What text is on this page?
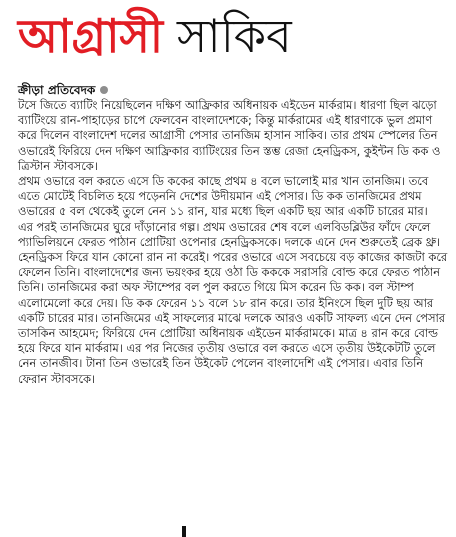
আগ্রাসী সাকিব
ক্রীড়া প্রতিবেদক

টসে জিতে ব্যাটিং নিয়েছিলেন দক্ষিণ আফ্রিকার অধিনায়ক এইডেন মার্করাম। ধারণা ছিল ঝড়ো ব্যাটিংয়ে রান-পাহাড়ের চাপে ফেলবেন বাংলাদেশকে; কিন্তু মার্করামের এই ধারণাকে ভুল প্রমাণ করে দিলেন বাংলাদেশ দলের আগ্রাসী পেসার তানজিম হাসান সাকিব। তার প্রথম স্পেলের তিন ওভারেই ফিরিয়ে দেন দক্ষিণ আফ্রিকার ব্যাটিংয়ের তিন স্তম্ভ রেজা হেনড্রিকস, কুইন্টন ডি কক ও ত্রিস্টান স্টাবসকে।

প্রথম ওভারে বল করতে এসে ডি ককের কাছে প্রথম ৪ বলে ভালোই মার খান তানজিম। তবে এতে মোটেই বিচলিত হয়ে পড়েননি দেশের উদীয়মান এই পেসার। ডি কক তানজিমের প্রথম ওভারের ৫ বল থেকেই তুলে নেন ১১ রান, যার মধ্যে ছিল একটি ছয় আর একটি চারের মার।

এর পরই তানজিমের ঘুরে দাঁড়ানোর গল্প। প্রথম ওভারের শেষ বলে এলবিডব্লিউর ফাঁদে ফেলে প্যাভিলিয়নে ফেরত পাঠান প্রোটিয়া ওপেনার হেনড্রিকসকে। দলকে এনে দেন শুরুতেই ব্রেক থ্রু। হেনড্রিকস ফিরে যান কোনো রান না করেই। পরের ওভারে এসে সবচেয়ে বড় কাজের কাজটা করে ফেলেন তিনি। বাংলাদেশের জন্য ভয়ংকর হয়ে ওঠা ডি কককে সরাসরি বোল্ড করে ফেরত পাঠান তিনি। তানজিমের করা অফ স্টাম্পের বল পুল করতে গিয়ে মিস করেন ডি কক। বল স্টাম্প এলোমেলো করে দেয়। ডি কক ফেরেন ১১ বলে ১৮ রান করে। তার ইনিংসে ছিল দুটি ছয় আর একটি চারের মার। তানজিমের এই সাফল্যের মাঝে দলকে আরও একটি সাফল্য এনে দেন পেসার তাসকিন আহমেদ; ফিরিয়ে দেন প্রোটিয়া অধিনায়ক এইডেন মার্করামকে। মাত্র ৪ রান করে বোল্ড হয়ে ফিরে যান মার্করাম। এর পর নিজের তৃতীয় ওভারে বল করতে এসে তৃতীয় উইকেটটি তুলে নেন তানজীব। টানা তিন ওভারেই তিন উইকেট পেলেন বাংলাদেশি এই পেসার। এবার তিনি ফেরান স্টাবসকে।
